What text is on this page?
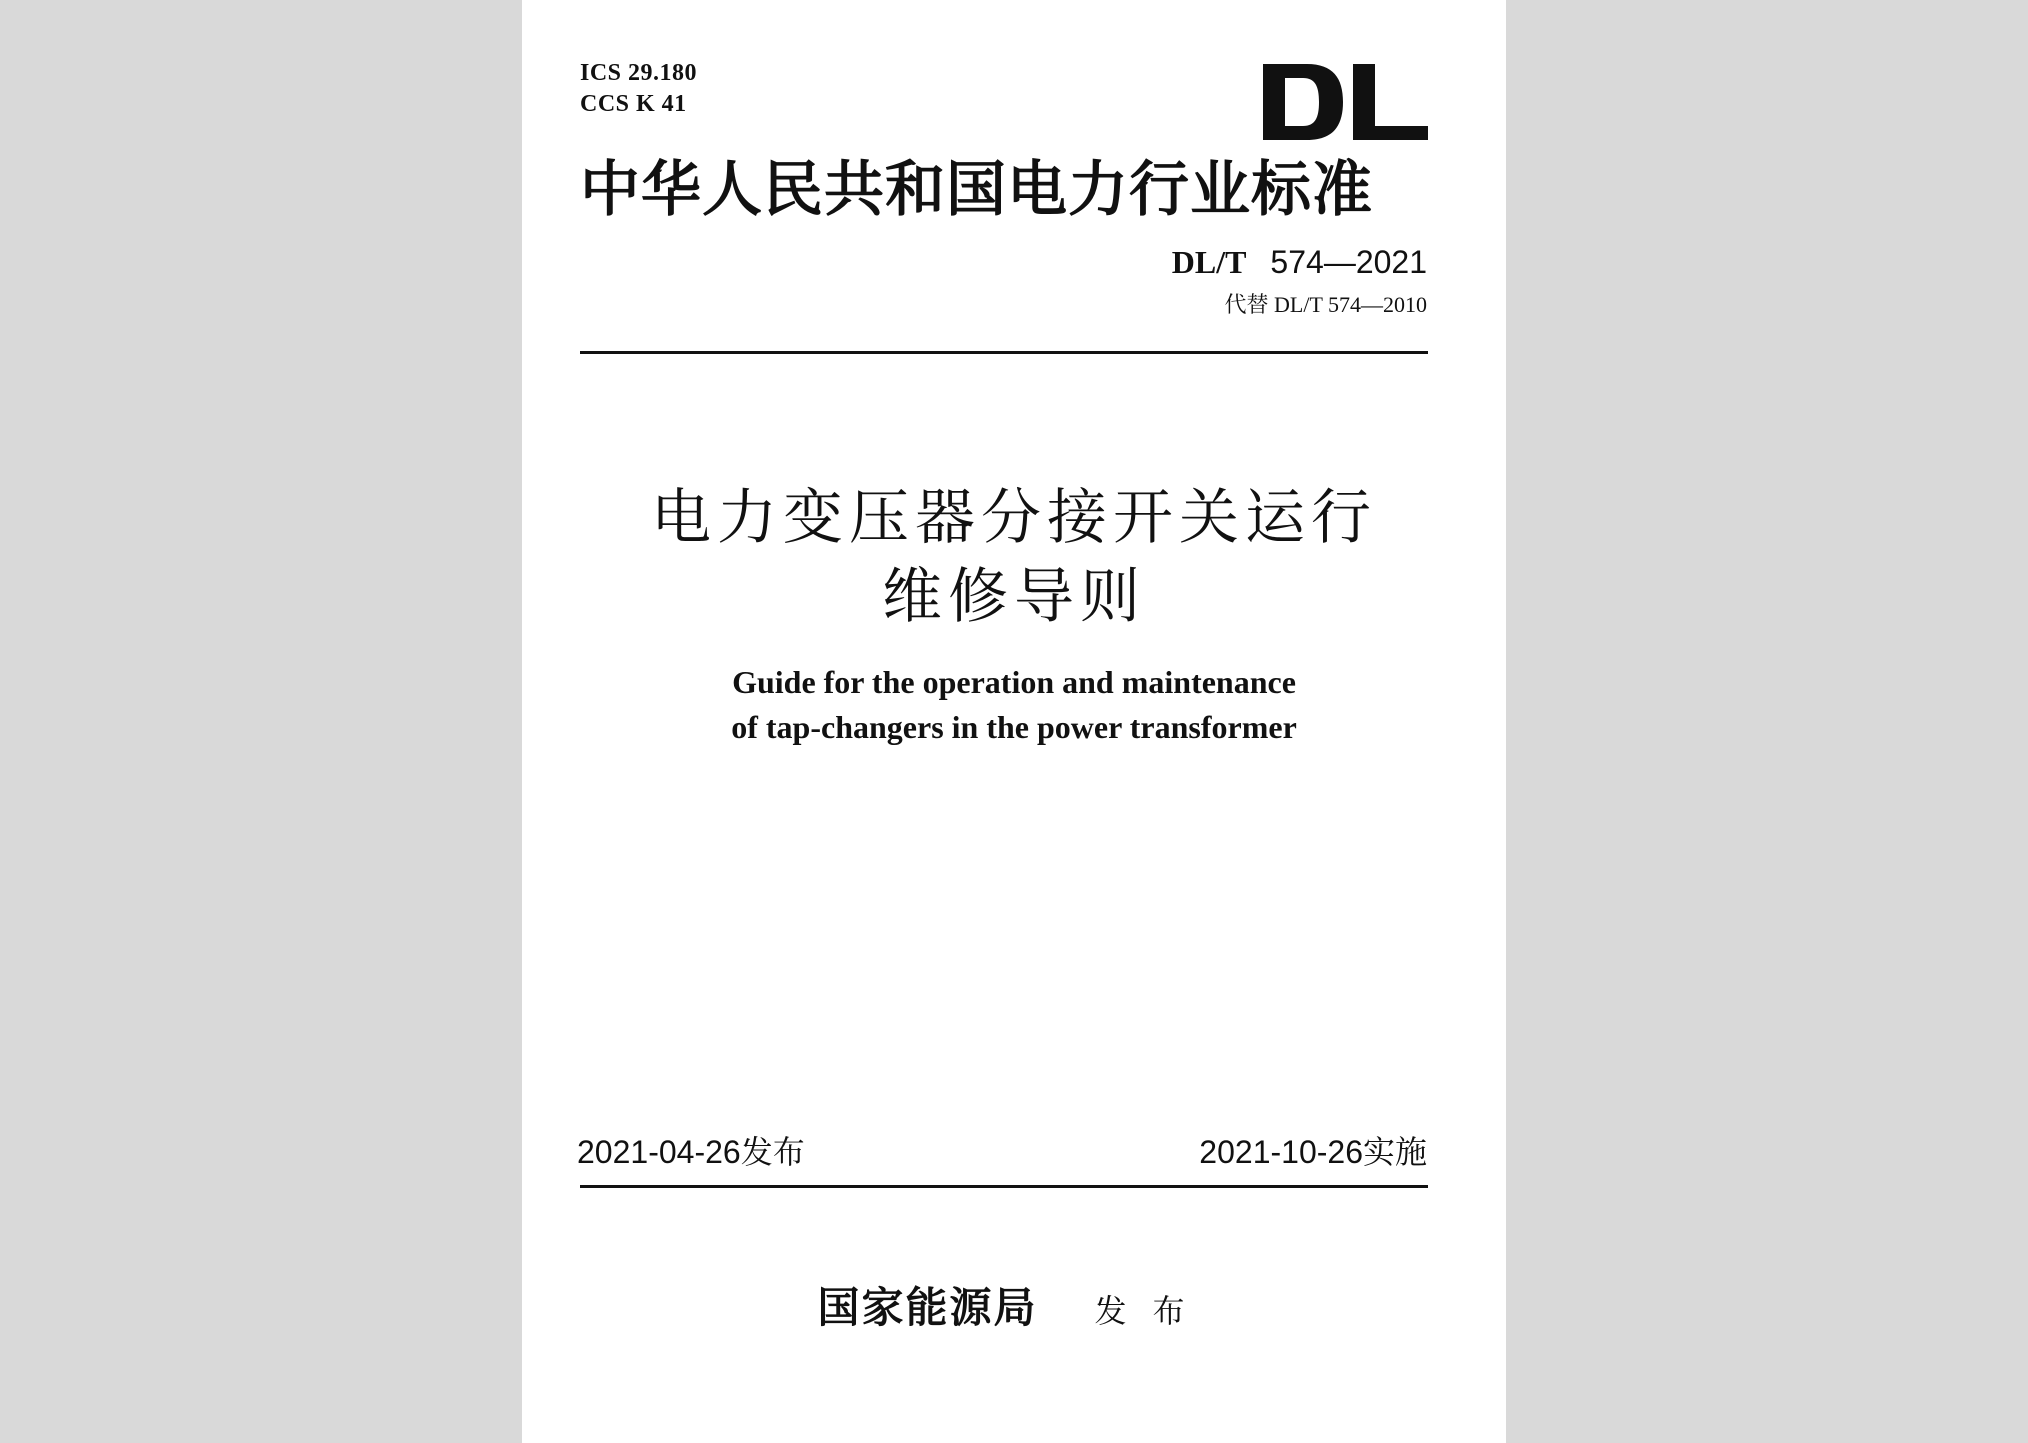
ICS 29.180
CCS K 41
中华人民共和国电力行业标准
DL/T 574—2021
代替 DL/T 574—2010
电力变压器分接开关运行
维修导则
Guide for the operation and maintenance
of tap-changers in the power transformer
2021-04-26发布	2021-10-26实施
国家能源局 发布
